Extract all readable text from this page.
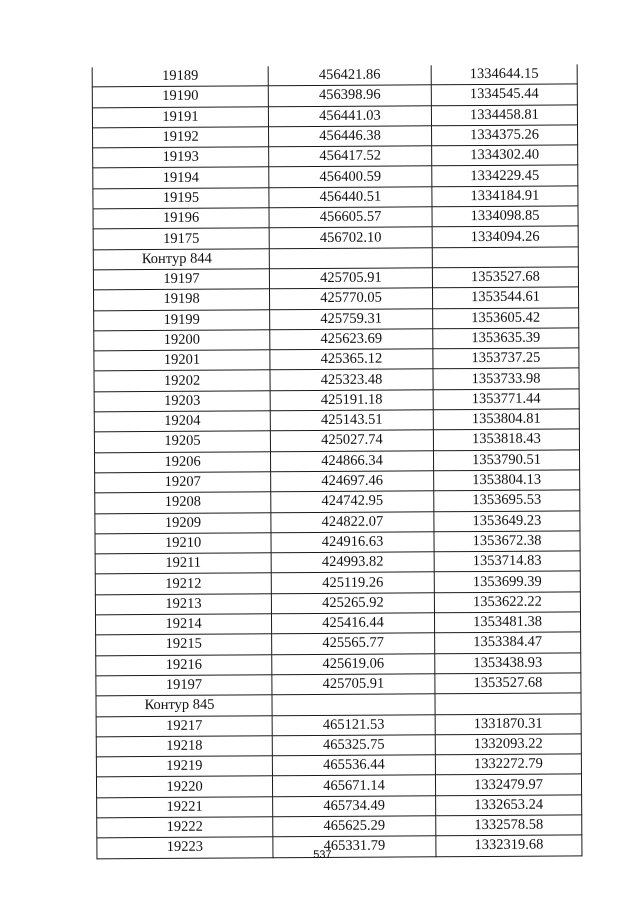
19189	456421.86	1334644.15
19190	456398.96	1334545.44
19191	456441.03	1334458.81
19192	456446.38	1334375.26
19193	456417.52	1334302.40
19194	456400.59	1334229.45
19195	456440.51	1334184.91
19196	456605.57	1334098.85
19175	456702.10	1334094.26
Контур 844		
19197	425705.91	1353527.68
19198	425770.05	1353544.61
19199	425759.31	1353605.42
19200	425623.69	1353635.39
19201	425365.12	1353737.25
19202	425323.48	1353733.98
19203	425191.18	1353771.44
19204	425143.51	1353804.81
19205	425027.74	1353818.43
19206	424866.34	1353790.51
19207	424697.46	1353804.13
19208	424742.95	1353695.53
19209	424822.07	1353649.23
19210	424916.63	1353672.38
19211	424993.82	1353714.83
19212	425119.26	1353699.39
19213	425265.92	1353622.22
19214	425416.44	1353481.38
19215	425565.77	1353384.47
19216	425619.06	1353438.93
19197	425705.91	1353527.68
Контур 845		
19217	465121.53	1331870.31
19218	465325.75	1332093.22
19219	465536.44	1332272.79
19220	465671.14	1332479.97
19221	465734.49	1332653.24
19222	465625.29	1332578.58
19223	465331.79	1332319.68
537
